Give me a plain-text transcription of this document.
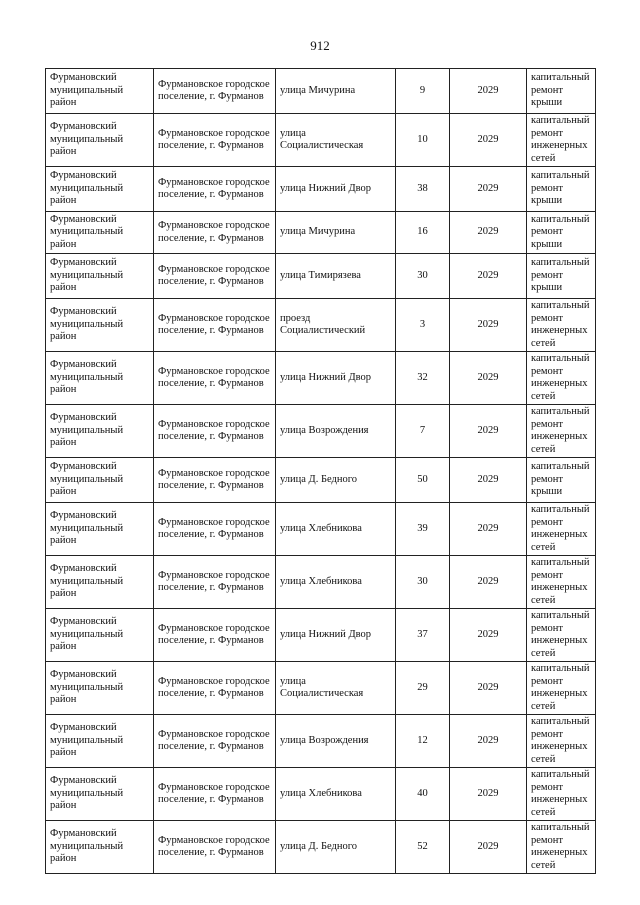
912
Фурмановский муниципальный район	Фурмановское городское поселение, г. Фурманов	улица Мичурина	9	2029	капитальный ремонт крыши
Фурмановский муниципальный район	Фурмановское городское поселение, г. Фурманов	улица Социалистическая	10	2029	капитальный ремонт инженерных сетей
Фурмановский муниципальный район	Фурмановское городское поселение, г. Фурманов	улица Нижний Двор	38	2029	капитальный ремонт крыши
Фурмановский муниципальный район	Фурмановское городское поселение, г. Фурманов	улица Мичурина	16	2029	капитальный ремонт крыши
Фурмановский муниципальный район	Фурмановское городское поселение, г. Фурманов	улица Тимирязева	30	2029	капитальный ремонт крыши
Фурмановский муниципальный район	Фурмановское городское поселение, г. Фурманов	проезд Социалистический	3	2029	капитальный ремонт инженерных сетей
Фурмановский муниципальный район	Фурмановское городское поселение, г. Фурманов	улица Нижний Двор	32	2029	капитальный ремонт инженерных сетей
Фурмановский муниципальный район	Фурмановское городское поселение, г. Фурманов	улица Возрождения	7	2029	капитальный ремонт инженерных сетей
Фурмановский муниципальный район	Фурмановское городское поселение, г. Фурманов	улица Д. Бедного	50	2029	капитальный ремонт крыши
Фурмановский муниципальный район	Фурмановское городское поселение, г. Фурманов	улица Хлебникова	39	2029	капитальный ремонт инженерных сетей
Фурмановский муниципальный район	Фурмановское городское поселение, г. Фурманов	улица Хлебникова	30	2029	капитальный ремонт инженерных сетей
Фурмановский муниципальный район	Фурмановское городское поселение, г. Фурманов	улица Нижний Двор	37	2029	капитальный ремонт инженерных сетей
Фурмановский муниципальный район	Фурмановское городское поселение, г. Фурманов	улица Социалистическая	29	2029	капитальный ремонт инженерных сетей
Фурмановский муниципальный район	Фурмановское городское поселение, г. Фурманов	улица Возрождения	12	2029	капитальный ремонт инженерных сетей
Фурмановский муниципальный район	Фурмановское городское поселение, г. Фурманов	улица Хлебникова	40	2029	капитальный ремонт инженерных сетей
Фурмановский муниципальный район	Фурмановское городское поселение, г. Фурманов	улица Д. Бедного	52	2029	капитальный ремонт инженерных сетей
